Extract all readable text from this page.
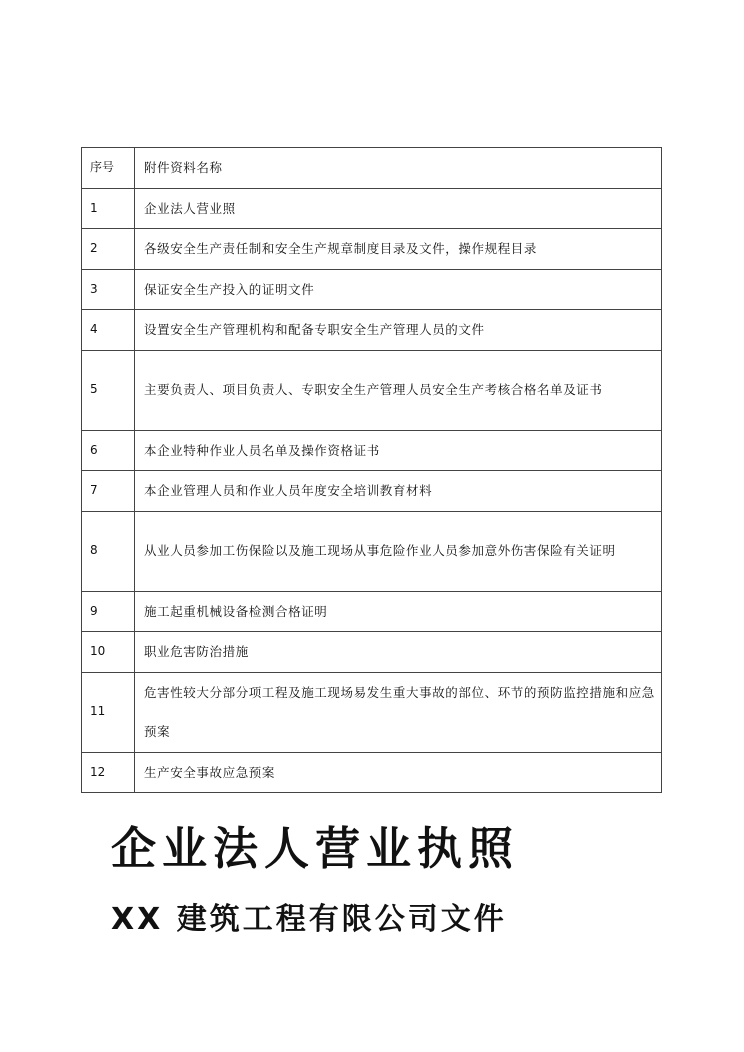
序号	附件资料名称
1	企业法人营业照
2	各级安全生产责任制和安全生产规章制度目录及文件，操作规程目录
3	保证安全生产投入的证明文件
4	设置安全生产管理机构和配备专职安全生产管理人员的文件
5	主要负责人、项目负责人、专职安全生产管理人员安全生产考核合格名单及证书
6	本企业特种作业人员名单及操作资格证书
7	本企业管理人员和作业人员年度安全培训教育材料
8	从业人员参加工伤保险以及施工现场从事危险作业人员参加意外伤害保险有关证明
9	施工起重机械设备检测合格证明
10	职业危害防治措施
11	危害性较大分部分项工程及施工现场易发生重大事故的部位、环节的预防监控措施和应急预案
12	生产安全事故应急预案
企业法人营业执照
XX 建筑工程有限公司文件
